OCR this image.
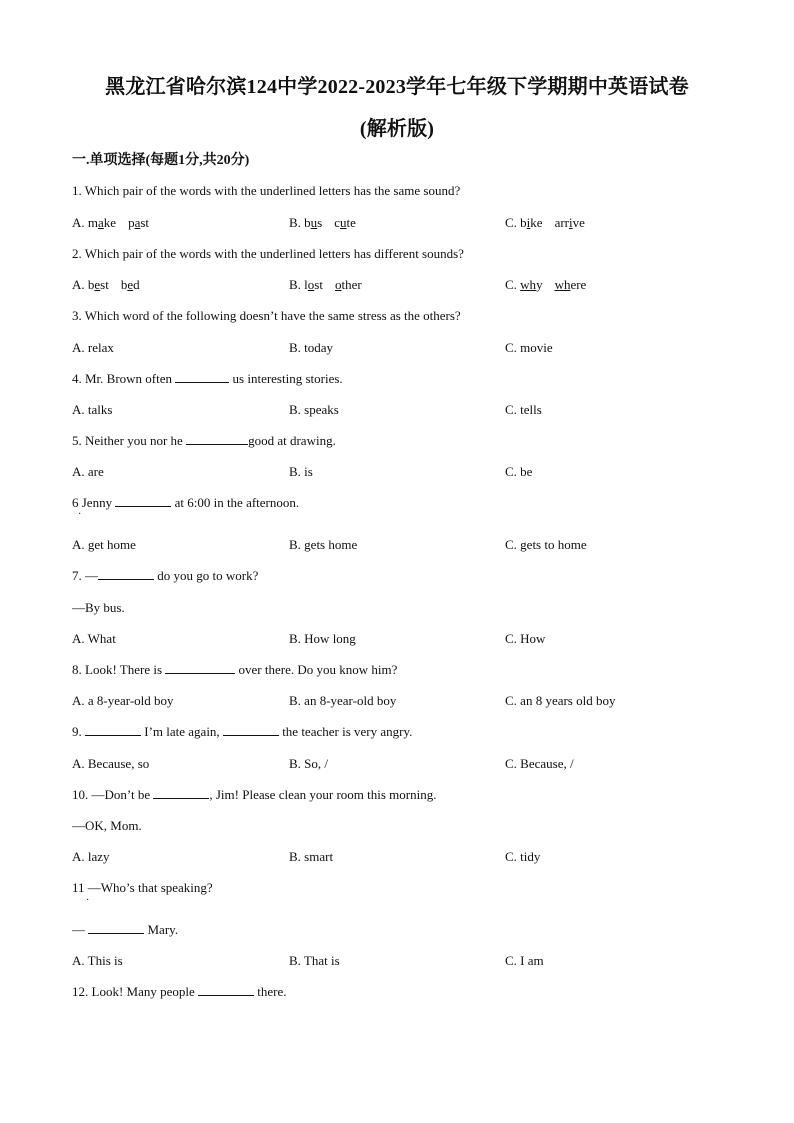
黑龙江省哈尔滨124中学2022-2023学年七年级下学期期中英语试卷
(解析版)
一.单项选择(每题1分,共20分)
1. Which pair of the words with the underlined letters has the same sound?
A. make past	B. bus cute	C. bike arrive
2. Which pair of the words with the underlined letters has different sounds?
A. best bed	B. lost other	C. why where
3. Which word of the following doesn’t have the same stress as the others?
A. relax	B. today	C. movie
4. Mr. Brown often	us interesting stories.
A. talks	B. speaks	C. tells
5. Neither you nor he	good at drawing.
A. are	B. is	C. be
6 Jenny	at 6:00 in the afternoon.
·
A. get home	B. gets home	C. gets to home
7. —	do you go to work?
—By bus.
A. What	B. How long	C. How
8. Look! There is	over there. Do you know him?
A. a 8-year-old boy	B. an 8-year-old boy	C. an 8 years old boy
9.	I’m late again,	the teacher is very angry.
A. Because, so	B. So, /	C. Because, /
10. —Don’t be	, Jim! Please clean your room this morning.
—OK, Mom.
A. lazy	B. smart	C. tidy
11 —Who’s that speaking?
·
—	Mary.
A. This is	B. That is	C. I am
12. Look! Many people	there.
